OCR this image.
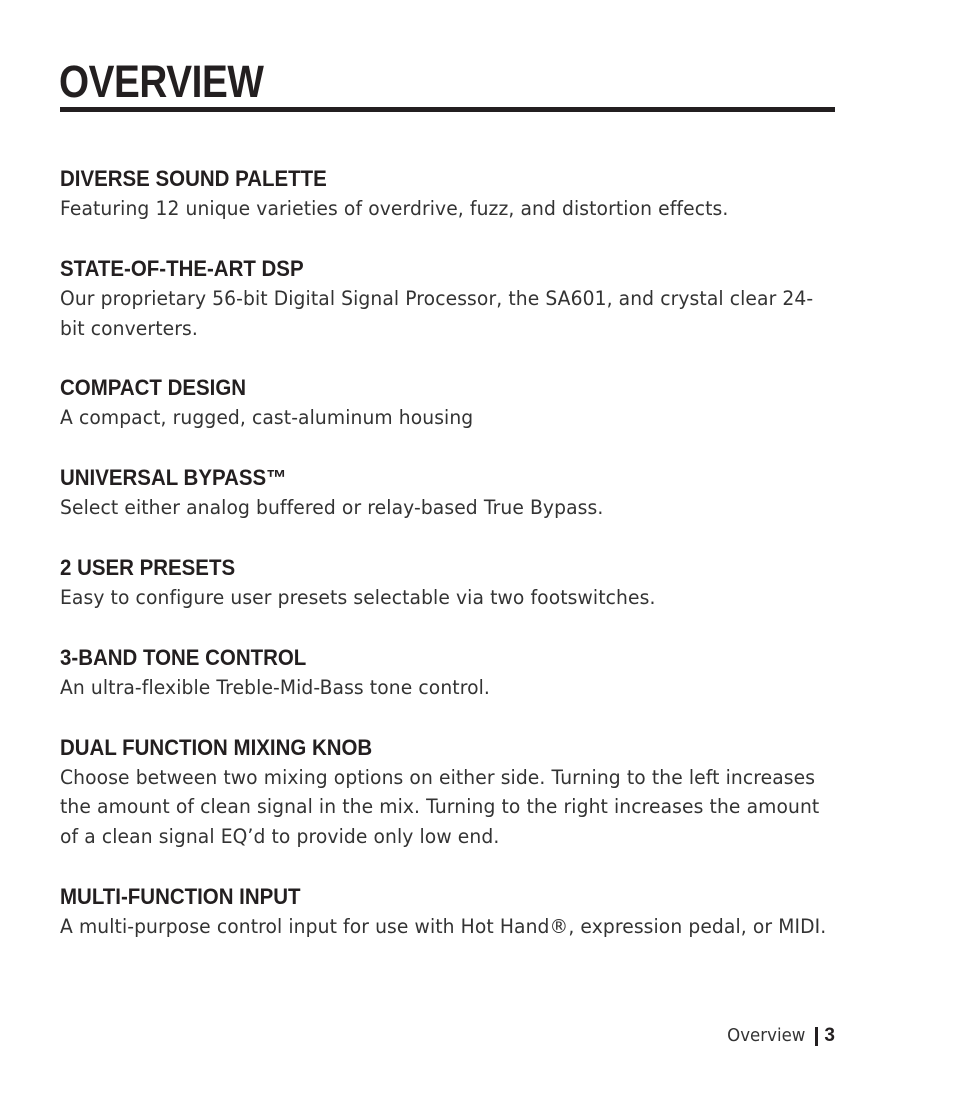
OVERVIEW
DIVERSE SOUND PALETTE
Featuring 12 unique varieties of overdrive, fuzz, and distortion effects.
STATE-OF-THE-ART DSP
Our proprietary 56-bit Digital Signal Processor, the SA601, and crystal clear 24-bit converters.
COMPACT DESIGN
A compact, rugged, cast-aluminum housing
UNIVERSAL BYPASS™
Select either analog buffered or relay-based True Bypass.
2 USER PRESETS
Easy to configure user presets selectable via two footswitches.
3-BAND TONE CONTROL
An ultra-flexible Treble-Mid-Bass tone control.
DUAL FUNCTION MIXING KNOB
Choose between two mixing options on either side. Turning to the left increases the amount of clean signal in the mix. Turning to the right increases the amount of a clean signal EQ’d to provide only low end.
MULTI-FUNCTION INPUT
A multi-purpose control input for use with Hot Hand®, expression pedal, or MIDI.
Overview 3
